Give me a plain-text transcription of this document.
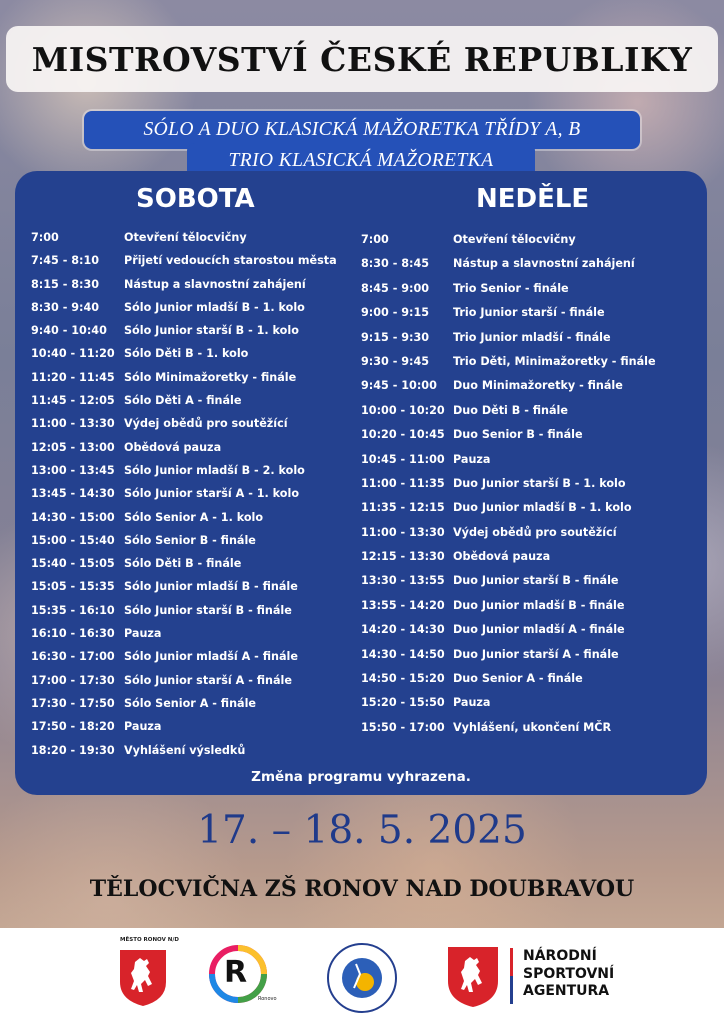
MISTROVSTVÍ ČESKÉ REPUBLIKY
SÓLO A DUO KLASICKÁ MAŽORETKA TŘÍDY A, B
TRIO KLASICKÁ MAŽORETKA
SOBOTA	NEDĚLE
7:00	Otevření tělocvičny
7:45 - 8:10 Přijetí vedoucích starostou města
8:15 - 8:30 Nástup a slavnostní zahájení
8:30 - 9:40 Sólo Junior mladší B - 1. kolo
9:40 - 10:40 Sólo Junior starší B - 1. kolo
10:40 - 11:20 Sólo Děti B - 1. kolo
11:20 - 11:45 Sólo Minimažoretky - finále
11:45 - 12:05 Sólo Děti A - finále
11:00 - 13:30 Výdej obědů pro soutěžící
12:05 - 13:00 Obědová pauza
13:00 - 13:45 Sólo Junior mladší B - 2. kolo
13:45 - 14:30 Sólo Junior starší A - 1. kolo
14:30 - 15:00 Sólo Senior A - 1. kolo
15:00 - 15:40 Sólo Senior B - finále
15:40 - 15:05 Sólo Děti B - finále
15:05 - 15:35 Sólo Junior mladší B - finále
15:35 - 16:10 Sólo Junior starší B - finále
16:10 - 16:30 Pauza
16:30 - 17:00 Sólo Junior mladší A - finále
17:00 - 17:30 Sólo Junior starší A - finále
17:30 - 17:50 Sólo Senior A - finále
17:50 - 18:20 Pauza
18:20 - 19:30 Vyhlášení výsledků
7:00	Otevření tělocvičny
8:30 - 8:45 Nástup a slavnostní zahájení
8:45 - 9:00 Trio Senior - finále
9:00 - 9:15 Trio Junior starší - finále
9:15 - 9:30 Trio Junior mladší - finále
9:30 - 9:45 Trio Děti, Minimažoretky - finále
9:45 - 10:00 Duo Minimažoretky - finále
10:00 - 10:20 Duo Děti B - finále
10:20 - 10:45 Duo Senior B - finále
10:45 - 11:00 Pauza
11:00 - 11:35 Duo Junior starší B - 1. kolo
11:35 - 12:15 Duo Junior mladší B - 1. kolo
11:00 - 13:30 Výdej obědů pro soutěžící
12:15 - 13:30 Obědová pauza
13:30 - 13:55 Duo Junior starší B - finále
13:55 - 14:20 Duo Junior mladší B - finále
14:20 - 14:30 Duo Junior mladší A - finále
14:30 - 14:50 Duo Junior starší A - finále
14:50 - 15:20 Duo Senior A - finále
15:20 - 15:50 Pauza
15:50 - 17:00 Vyhlášení, ukončení MČR
Změna programu vyhrazena.
17. – 18. 5. 2025
TĚLOCVIČNA ZŠ RONOV NAD DOUBRAVOU
MĚSTO RONOV N/D
R
Ronovo
NÁRODNÍ
SPORTOVNÍ
AGENTURA
